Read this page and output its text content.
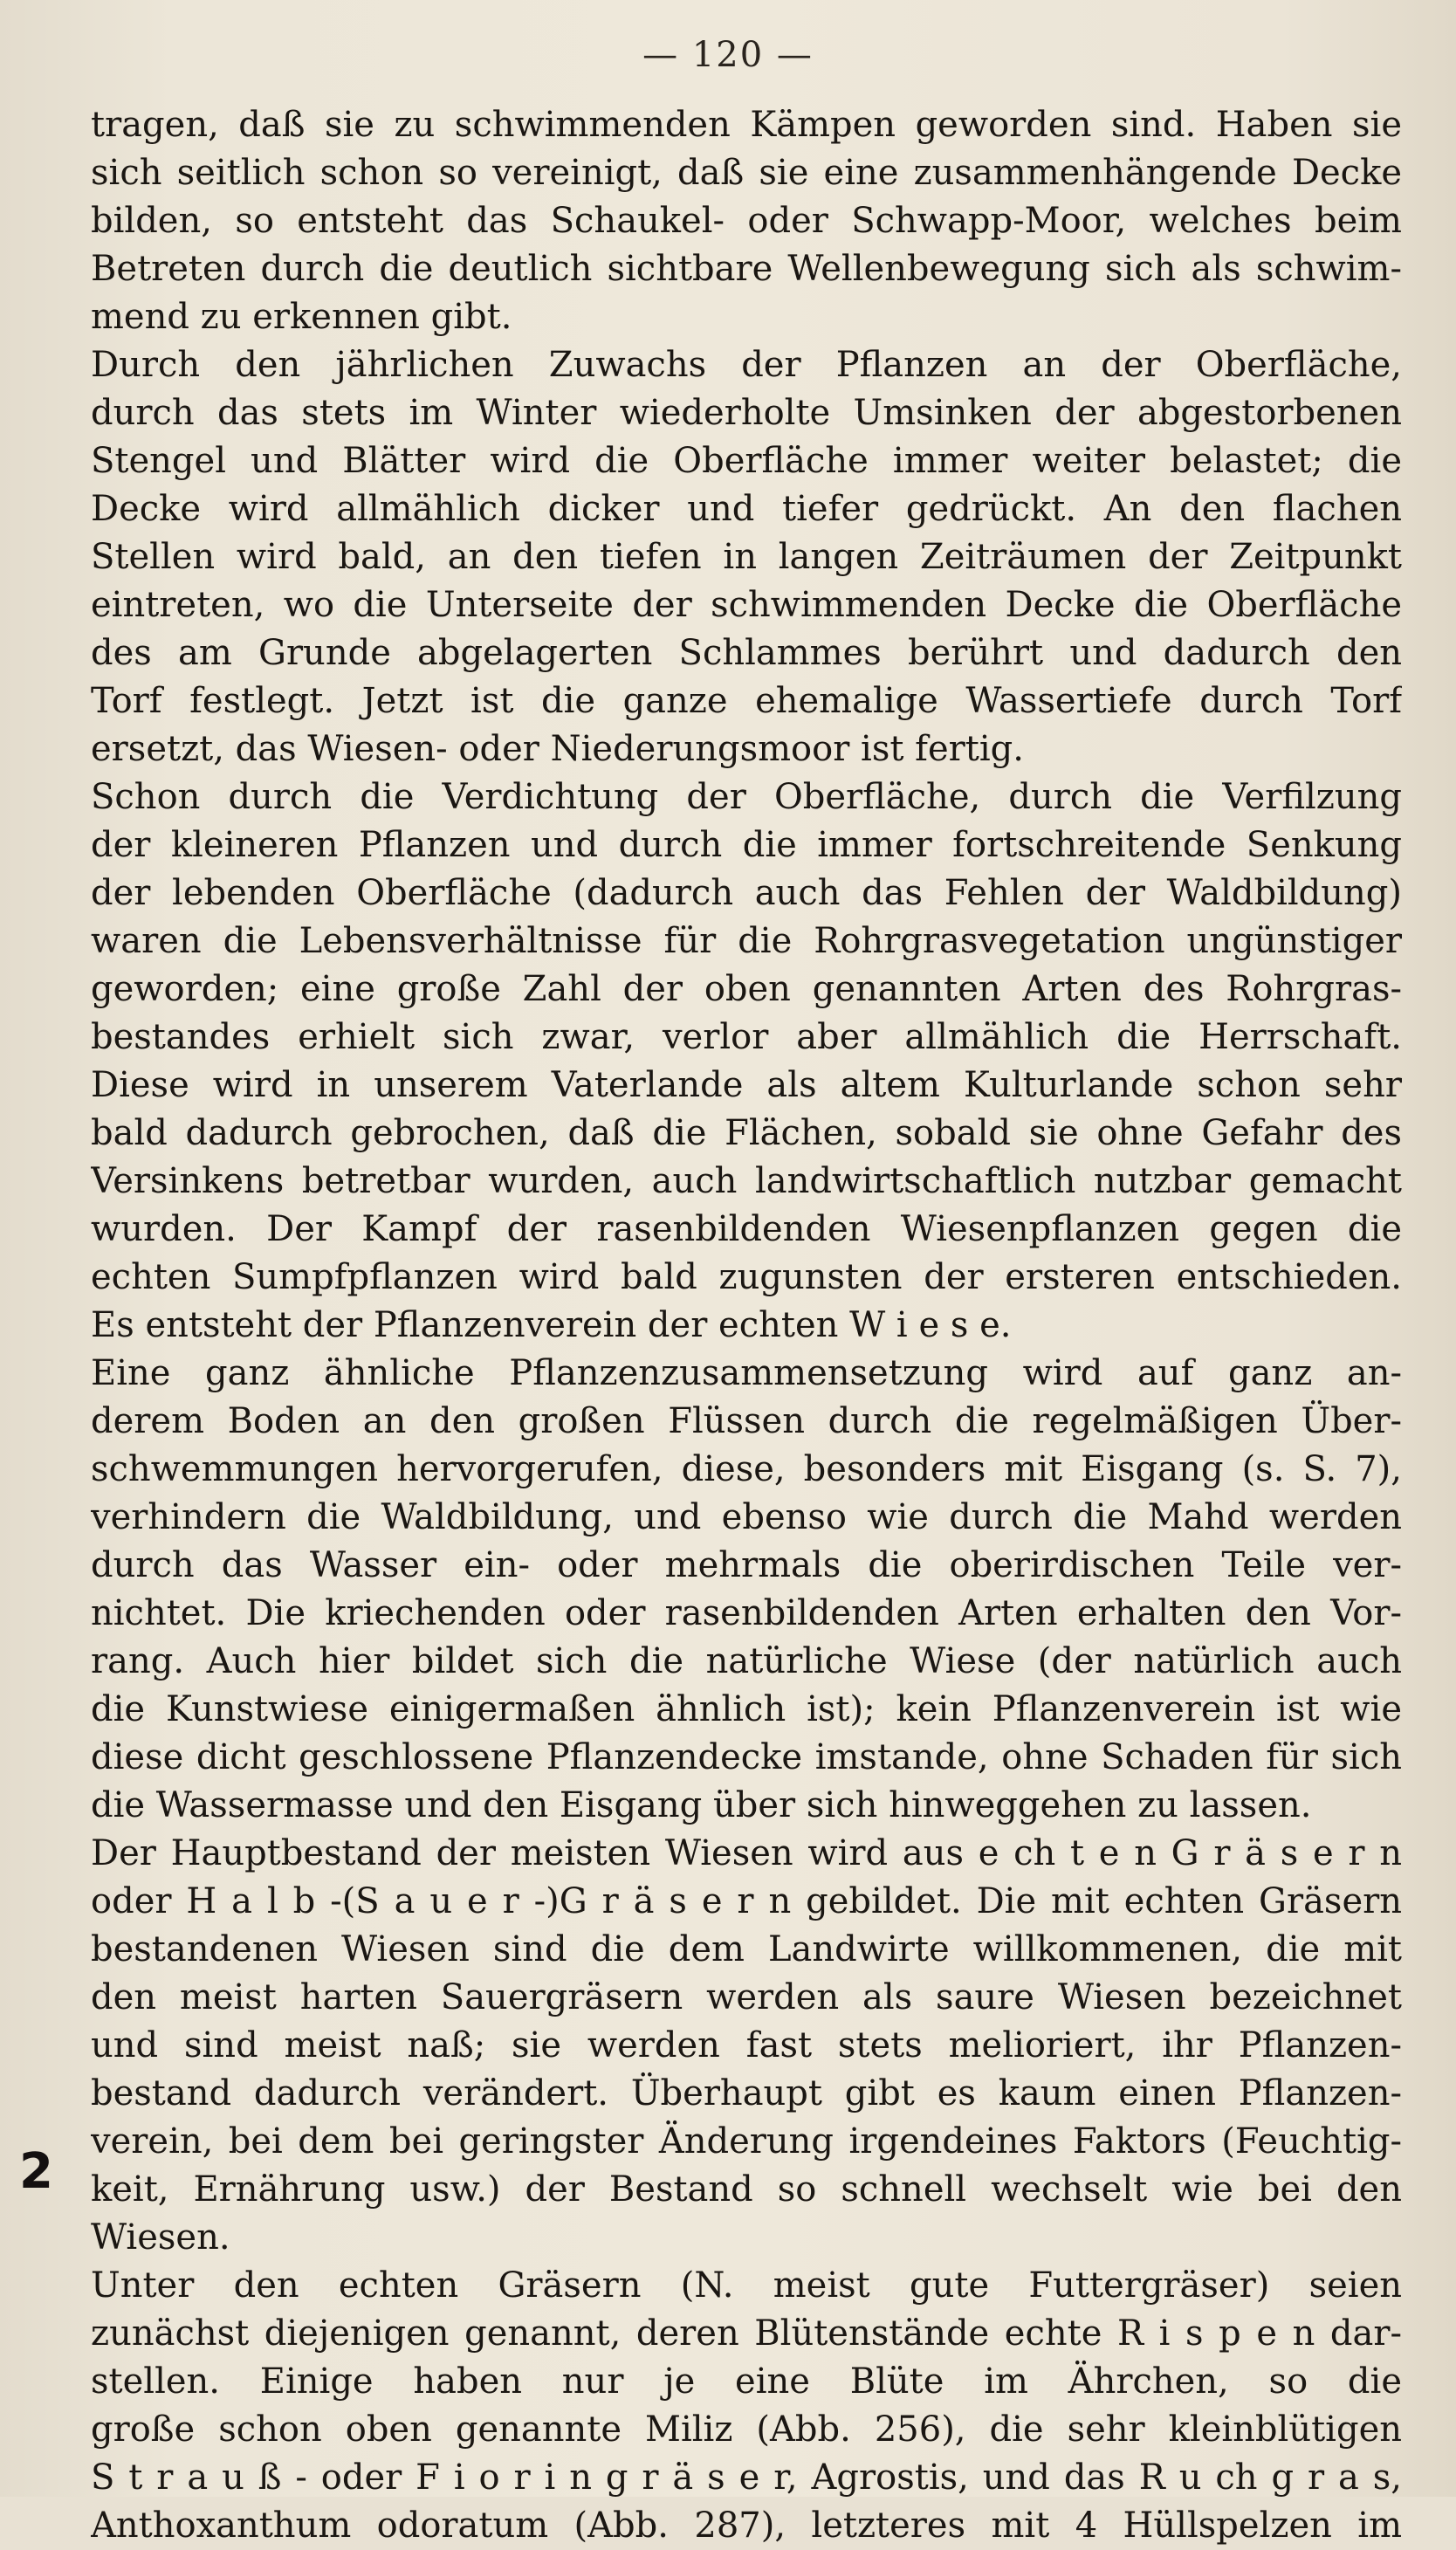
— 120 —
2
tragen, daß sie zu schwimmenden Kämpen geworden sind. Haben sie
sich seitlich schon so vereinigt, daß sie eine zusammenhängende Decke
bilden, so entsteht das Schaukel- oder Schwapp-Moor, welches beim
Betreten durch die deutlich sichtbare Wellenbewegung sich als schwim-
mend zu erkennen gibt.
Durch den jährlichen Zuwachs der Pflanzen an der Oberfläche,
durch das stets im Winter wiederholte Umsinken der abgestorbenen
Stengel und Blätter wird die Oberfläche immer weiter belastet; die
Decke wird allmählich dicker und tiefer gedrückt. An den flachen
Stellen wird bald, an den tiefen in langen Zeiträumen der Zeitpunkt
eintreten, wo die Unterseite der schwimmenden Decke die Oberfläche
des am Grunde abgelagerten Schlammes berührt und dadurch den
Torf festlegt. Jetzt ist die ganze ehemalige Wassertiefe durch Torf
ersetzt, das Wiesen- oder Niederungsmoor ist fertig.
Schon durch die Verdichtung der Oberfläche, durch die Verfilzung
der kleineren Pflanzen und durch die immer fortschreitende Senkung
der lebenden Oberfläche (dadurch auch das Fehlen der Waldbildung)
waren die Lebensverhältnisse für die Rohrgrasvegetation ungünstiger
geworden; eine große Zahl der oben genannten Arten des Rohrgras-
bestandes erhielt sich zwar, verlor aber allmählich die Herrschaft.
Diese wird in unserem Vaterlande als altem Kulturlande schon sehr
bald dadurch gebrochen, daß die Flächen, sobald sie ohne Gefahr des
Versinkens betretbar wurden, auch landwirtschaftlich nutzbar gemacht
wurden. Der Kampf der rasenbildenden Wiesenpflanzen gegen die
echten Sumpfpflanzen wird bald zugunsten der ersteren entschieden.
Es entsteht der Pflanzenverein der echten W i e s e.
Eine ganz ähnliche Pflanzenzusammensetzung wird auf ganz an-
derem Boden an den großen Flüssen durch die regelmäßigen Über-
schwemmungen hervorgerufen, diese, besonders mit Eisgang (s. S. 7),
verhindern die Waldbildung, und ebenso wie durch die Mahd werden
durch das Wasser ein- oder mehrmals die oberirdischen Teile ver-
nichtet. Die kriechenden oder rasenbildenden Arten erhalten den Vor-
rang. Auch hier bildet sich die natürliche Wiese (der natürlich auch
die Kunstwiese einigermaßen ähnlich ist); kein Pflanzenverein ist wie
diese dicht geschlossene Pflanzendecke imstande, ohne Schaden für sich
die Wassermasse und den Eisgang über sich hinweggehen zu lassen.
Der Hauptbestand der meisten Wiesen wird aus e ch t e n G r ä s e r n
oder H a l b -(S a u e r -)G r ä s e r n gebildet. Die mit echten Gräsern
bestandenen Wiesen sind die dem Landwirte willkommenen, die mit
den meist harten Sauergräsern werden als saure Wiesen bezeichnet
und sind meist naß; sie werden fast stets melioriert, ihr Pflanzen-
bestand dadurch verändert. Überhaupt gibt es kaum einen Pflanzen-
verein, bei dem bei geringster Änderung irgendeines Faktors (Feuchtig-
keit, Ernährung usw.) der Bestand so schnell wechselt wie bei den
Wiesen.
Unter den echten Gräsern (N. meist gute Futtergräser) seien
zunächst diejenigen genannt, deren Blütenstände echte R i s p e n dar-
stellen. Einige haben nur je eine Blüte im Ährchen, so die
große schon oben genannte Miliz (Abb. 256), die sehr kleinblütigen
S t r a u ß - oder F i o r i n g r ä s e r, Agrostis, und das R u ch g r a s,
Anthoxanthum odoratum (Abb. 287), letzteres mit 4 Hüllspelzen im
